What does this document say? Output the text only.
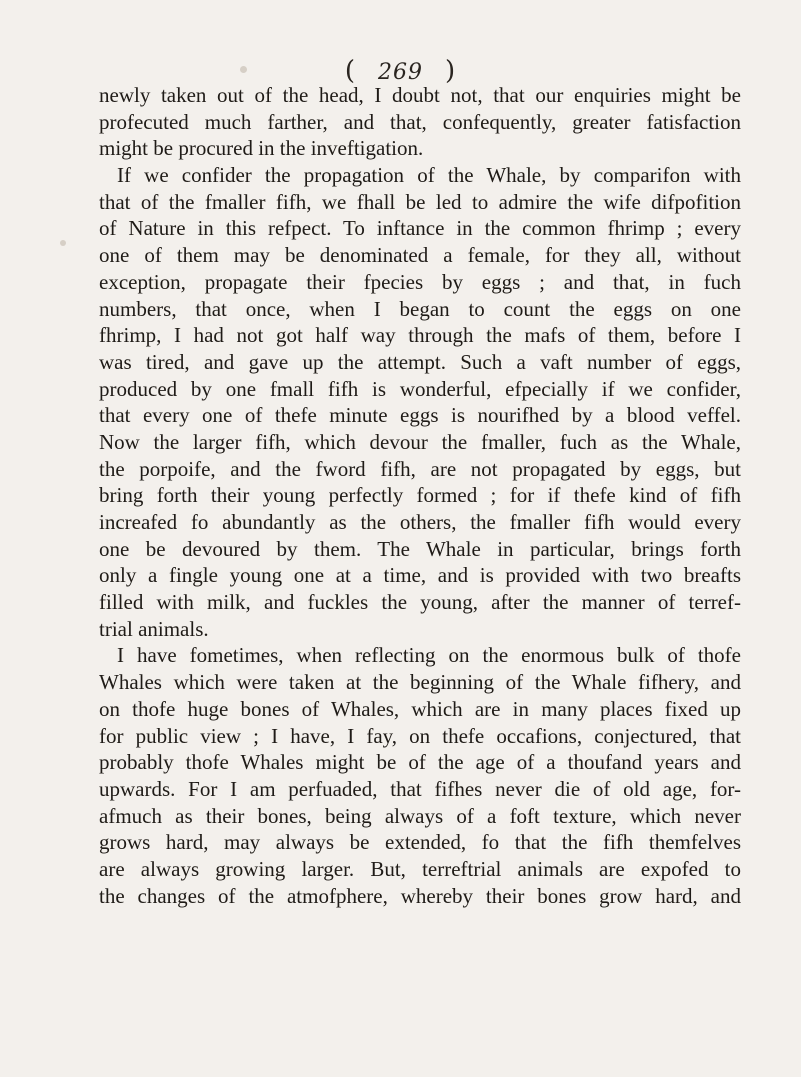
( 269 )
newly taken out of the head, I doubt not, that our enquiries might be
profecuted much farther, and that, confequently, greater fatisfaction
might be procured in the inveftigation.
If we confider the propagation of the Whale, by comparifon with
that of the fmaller fifh, we fhall be led to admire the wife difpofition
of Nature in this refpect. To inftance in the common fhrimp ; every
one of them may be denominated a female, for they all, without
exception, propagate their fpecies by eggs ; and that, in fuch
numbers, that once, when I began to count the eggs on one
fhrimp, I had not got half way through the mafs of them, before I
was tired, and gave up the attempt. Such a vaft number of eggs,
produced by one fmall fifh is wonderful, efpecially if we confider,
that every one of thefe minute eggs is nourifhed by a blood veffel.
Now the larger fifh, which devour the fmaller, fuch as the Whale,
the porpoife, and the fword fifh, are not propagated by eggs, but
bring forth their young perfectly formed ; for if thefe kind of fifh
increafed fo abundantly as the others, the fmaller fifh would every
one be devoured by them. The Whale in particular, brings forth
only a fingle young one at a time, and is provided with two breafts
filled with milk, and fuckles the young, after the manner of terref-
trial animals.
I have fometimes, when reflecting on the enormous bulk of thofe
Whales which were taken at the beginning of the Whale fifhery, and
on thofe huge bones of Whales, which are in many places fixed up
for public view ; I have, I fay, on thefe occafions, conjectured, that
probably thofe Whales might be of the age of a thoufand years and
upwards. For I am perfuaded, that fifhes never die of old age, for-
afmuch as their bones, being always of a foft texture, which never
grows hard, may always be extended, fo that the fifh themfelves
are always growing larger. But, terreftrial animals are expofed to
the changes of the atmofphere, whereby their bones grow hard, and
